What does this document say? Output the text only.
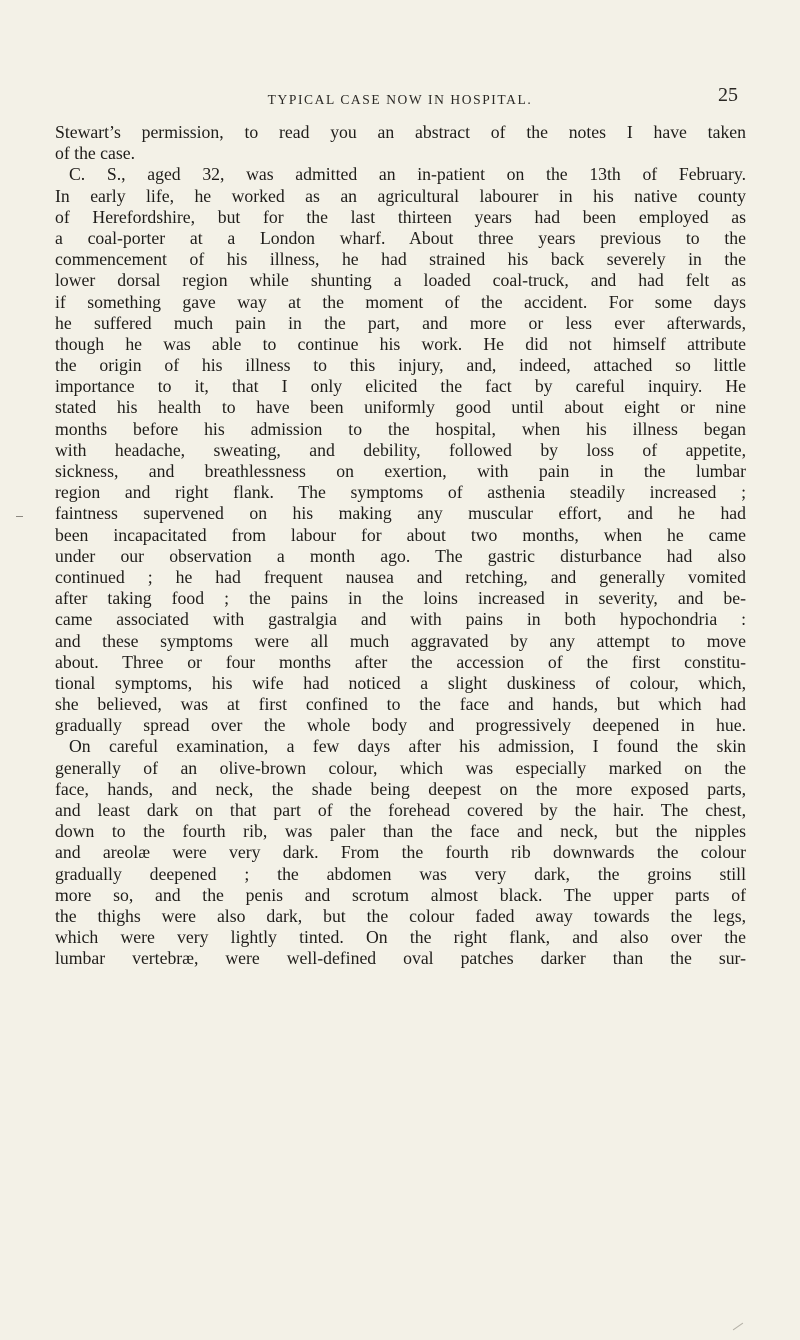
TYPICAL CASE NOW IN HOSPITAL.	25
Stewart’s permission, to read you an abstract of the notes I have taken
of the case.
C. S., aged 32, was admitted an in-patient on the 13th of February.
In early life, he worked as an agricultural labourer in his native county
of Herefordshire, but for the last thirteen years had been employed as
a coal-porter at a London wharf. About three years previous to the
commencement of his illness, he had strained his back severely in the
lower dorsal region while shunting a loaded coal-truck, and had felt as
if something gave way at the moment of the accident. For some days
he suffered much pain in the part, and more or less ever afterwards,
though he was able to continue his work. He did not himself attribute
the origin of his illness to this injury, and, indeed, attached so little
importance to it, that I only elicited the fact by careful inquiry. He
stated his health to have been uniformly good until about eight or nine
months before his admission to the hospital, when his illness began
with headache, sweating, and debility, followed by loss of appetite,
sickness, and breathlessness on exertion, with pain in the lumbar
region and right flank. The symptoms of asthenia steadily increased ;
faintness supervened on his making any muscular effort, and he had
been incapacitated from labour for about two months, when he came
under our observation a month ago. The gastric disturbance had also
continued ; he had frequent nausea and retching, and generally vomited
after taking food ; the pains in the loins increased in severity, and be-
came associated with gastralgia and with pains in both hypochondria :
and these symptoms were all much aggravated by any attempt to move
about. Three or four months after the accession of the first constitu-
tional symptoms, his wife had noticed a slight duskiness of colour, which,
she believed, was at first confined to the face and hands, but which had
gradually spread over the whole body and progressively deepened in hue.
On careful examination, a few days after his admission, I found the skin
generally of an olive-brown colour, which was especially marked on the
face, hands, and neck, the shade being deepest on the more exposed parts,
and least dark on that part of the forehead covered by the hair. The chest,
down to the fourth rib, was paler than the face and neck, but the nipples
and areolæ were very dark. From the fourth rib downwards the colour
gradually deepened ; the abdomen was very dark, the groins still
more so, and the penis and scrotum almost black. The upper parts of
the thighs were also dark, but the colour faded away towards the legs,
which were very lightly tinted. On the right flank, and also over the
lumbar vertebræ, were well-defined oval patches darker than the sur-
